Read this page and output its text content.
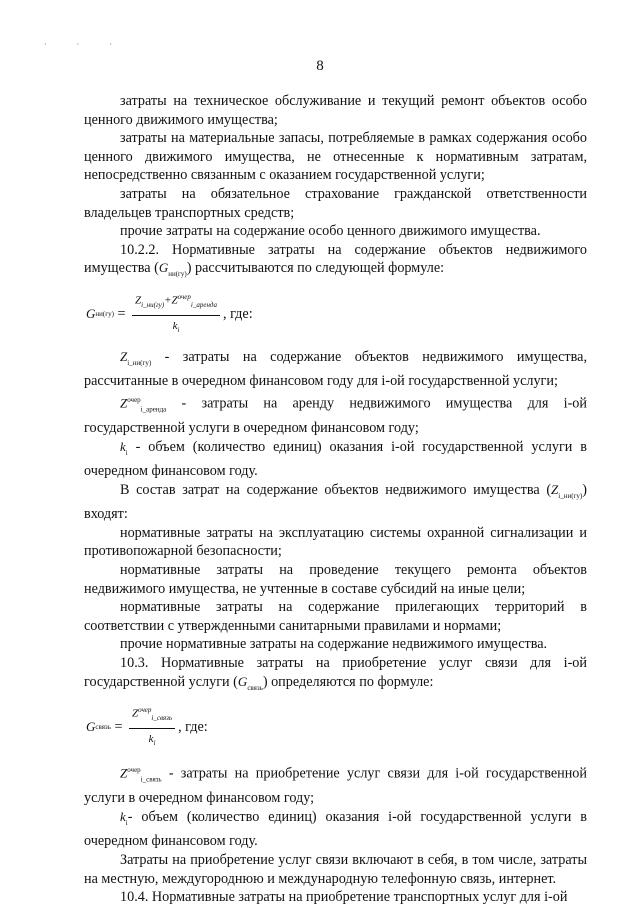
· · ·
8

затраты на техническое обслуживание и текущий ремонт объектов особо ценного движимого имущества;

затраты на материальные запасы, потребляемые в рамках содержания особо ценного движимого имущества, не отнесенные к нормативным затратам, непосредственно связанным с оказанием государственной услуги;

затраты на обязательное страхование гражданской ответственности владельцев транспортных средств;

прочие затраты на содержание особо ценного движимого имущества.

10.2.2. Нормативные затраты на содержание объектов недвижимого имущества $(G_{ни(гу)})$ рассчитываются по следующей формуле:

G $ни(гу) = \frac{Z_{i\_ни(гу)}+Z^{очер}_{i\_аренда}}{k_i}$ , где:

$Z_{i\_ни(гу)}$ - затраты на содержание объектов недвижимого имущества, рассчитанные в очередном финансовом году для i-ой государственной услуги;

$Z^{очер}_{i\_аренда}$ - затраты на аренду недвижимого имущества для i-ой государственной услуги в очередном финансовом году;

$k_i$ - объем (количество единиц) оказания i-ой государственной услуги в очередном финансовом году.

В состав затрат на содержание объектов недвижимого имущества $(Z_{i\_ни(гу)})$ входят:

нормативные затраты на эксплуатацию системы охранной сигнализации и противопожарной безопасности;

нормативные затраты на проведение текущего ремонта объектов недвижимого имущества, не учтенные в составе субсидий на иные цели;

нормативные затраты на содержание прилегающих территорий в соответствии с утвержденными санитарными правилами и нормами;

прочие нормативные затраты на содержание недвижимого имущества.

10.3. Нормативные затраты на приобретение услуг связи для i-ой государственной услуги $(G_{связь})$ определяются по формуле:

G связь = $\frac{Z^{очер}_{i\_связь}}{k_i}$ , где:

$Z^{очер}_{i\_связь}$ - затраты на приобретение услуг связи для i-ой государственной услуги в очередном финансовом году;

$k_i-$ объем (количество единиц) оказания i-ой государственной услуги в очередном финансовом году.

Затраты на приобретение услуг связи включают в себя, в том числе, затраты на местную, междугороднюю и международную телефонную связь, интернет.

10.4. Нормативные затраты на приобретение транспортных услуг для i-ой
